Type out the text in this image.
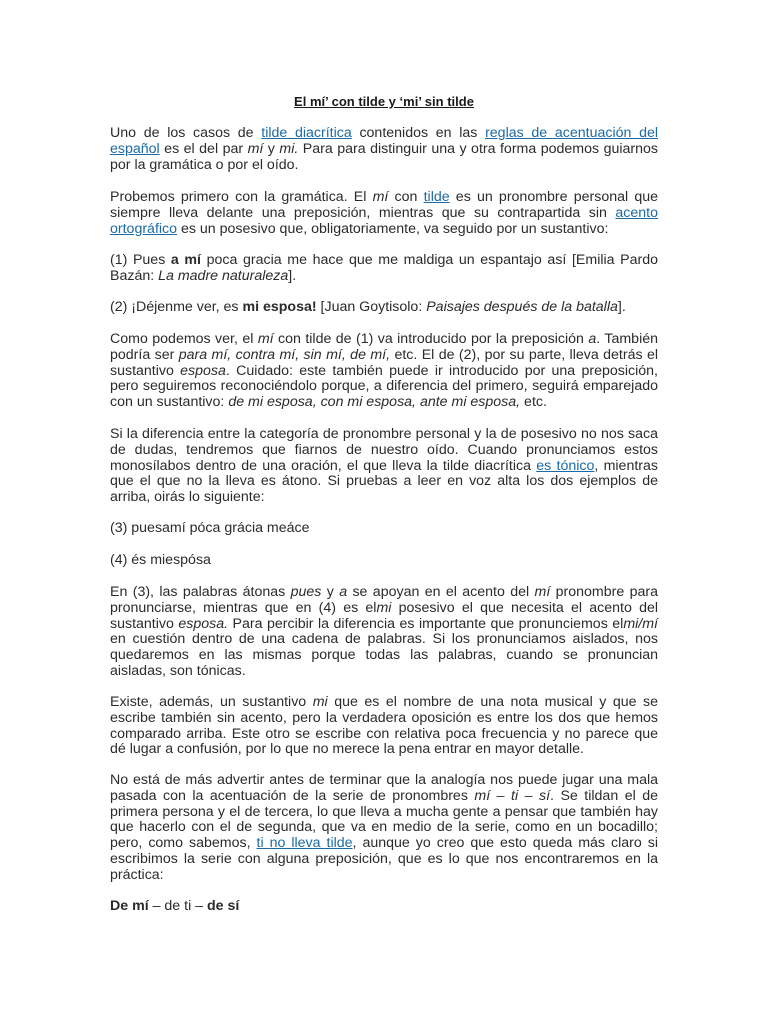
El mí’ con tilde y ‘mi’ sin tilde

Uno de los casos de tilde diacrítica contenidos en las reglas de acentuación del español es el del par mí y mi. Para para distinguir una y otra forma podemos guiarnos por la gramática o por el oído.

Probemos primero con la gramática. El mí con tilde es un pronombre personal que siempre lleva delante una preposición, mientras que su contrapartida sin acento ortográfico es un posesivo que, obligatoriamente, va seguido por un sustantivo:

(1) Pues a mí poca gracia me hace que me maldiga un espantajo así [Emilia Pardo Bazán: La madre naturaleza].

(2) ¡Déjenme ver, es mi esposa! [Juan Goytisolo: Paisajes después de la batalla].

Como podemos ver, el mí con tilde de (1) va introducido por la preposición a. También podría ser para mí, contra mí, sin mí, de mí, etc. El de (2), por su parte, lleva detrás el sustantivo esposa. Cuidado: este también puede ir introducido por una preposición, pero seguiremos reconociéndolo porque, a diferencia del primero, seguirá emparejado con un sustantivo: de mi esposa, con mi esposa, ante mi esposa, etc.

Si la diferencia entre la categoría de pronombre personal y la de posesivo no nos saca de dudas, tendremos que fiarnos de nuestro oído. Cuando pronunciamos estos monosílabos dentro de una oración, el que lleva la tilde diacrítica es tónico, mientras que el que no la lleva es átono. Si pruebas a leer en voz alta los dos ejemplos de arriba, oirás lo siguiente:

(3) puesamí póca grácia meáce

(4) és miespósa

En (3), las palabras átonas pues y a se apoyan en el acento del mí pronombre para pronunciarse, mientras que en (4) es elmi posesivo el que necesita el acento del sustantivo esposa. Para percibir la diferencia es importante que pronunciemos elmi/mí en cuestión dentro de una cadena de palabras. Si los pronunciamos aislados, nos quedaremos en las mismas porque todas las palabras, cuando se pronuncian aisladas, son tónicas.

Existe, además, un sustantivo mi que es el nombre de una nota musical y que se escribe también sin acento, pero la verdadera oposición es entre los dos que hemos comparado arriba. Este otro se escribe con relativa poca frecuencia y no parece que dé lugar a confusión, por lo que no merece la pena entrar en mayor detalle.

No está de más advertir antes de terminar que la analogía nos puede jugar una mala pasada con la acentuación de la serie de pronombres mí – ti – sí. Se tildan el de primera persona y el de tercera, lo que lleva a mucha gente a pensar que también hay que hacerlo con el de segunda, que va en medio de la serie, como en un bocadillo; pero, como sabemos, ti no lleva tilde, aunque yo creo que esto queda más claro si escribimos la serie con alguna preposición, que es lo que nos encontraremos en la práctica:

De mí – de ti – de sí
